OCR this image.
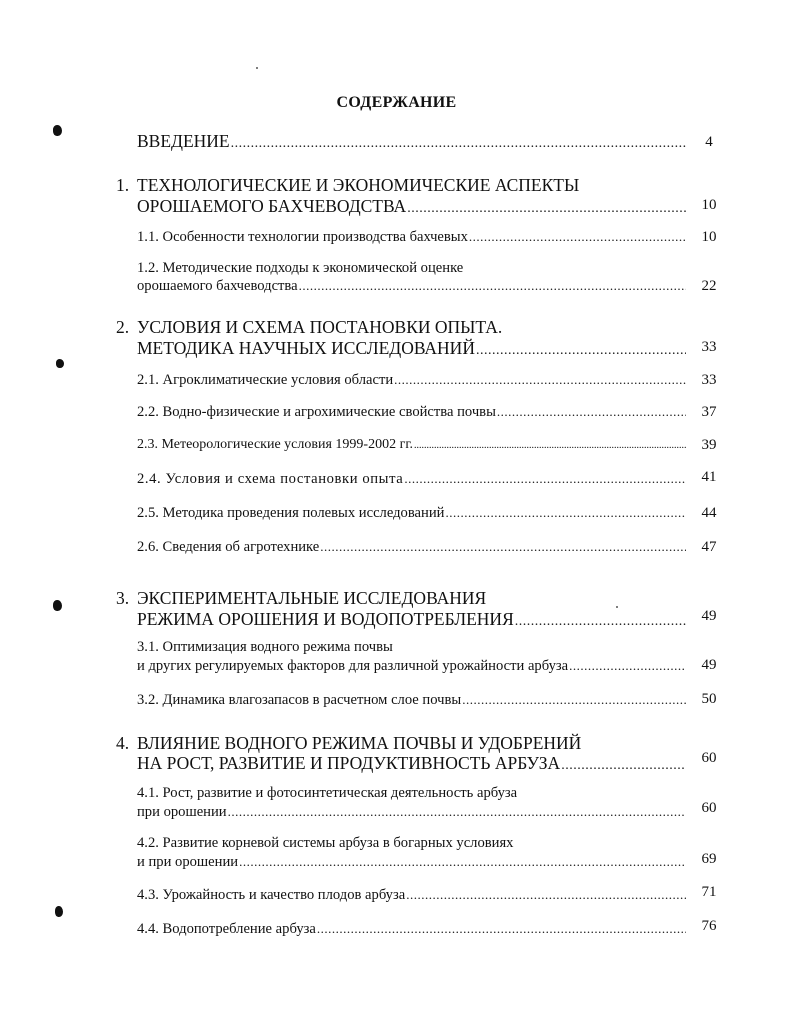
СОДЕРЖАНИЕ
ВВЕДЕНИЕ .....	4
1. ТЕХНОЛОГИЧЕСКИЕ И ЭКОНОМИЧЕСКИЕ АСПЕКТЫ
ОРОШАЕМОГО БАХЧЕВОДСТВА .....	10
1.1. Особенности технологии производства бахчевых .....	10
1.2. Методические подходы к экономической оценке
орошаемого бахчеводства .....	22
2. УСЛОВИЯ И СХЕМА ПОСТАНОВКИ ОПЫТА.
МЕТОДИКА НАУЧНЫХ ИССЛЕДОВАНИЙ .....	33
2.1. Агроклиматические условия области .....	33
2.2. Водно-физические и агрохимические свойства почвы .....	37
2.3. Метеорологические условия 1999-2002 гг. .....	39
2.4. Условия и схема постановки опыта .....	41
2.5. Методика проведения полевых исследований .....	44
2.6. Сведения об агротехнике .....	47
3. ЭКСПЕРИМЕНТАЛЬНЫЕ ИССЛЕДОВАНИЯ
РЕЖИМА ОРОШЕНИЯ И ВОДОПОТРЕБЛЕНИЯ .....	49
3.1. Оптимизация водного режима почвы
и других регулируемых факторов для различной урожайности арбуза .....	49
3.2. Динамика влагозапасов в расчетном слое почвы .....	50
4. ВЛИЯНИЕ ВОДНОГО РЕЖИМА ПОЧВЫ И УДОБРЕНИЙ
НА РОСТ, РАЗВИТИЕ И ПРОДУКТИВНОСТЬ АРБУЗА .....	60
4.1. Рост, развитие и фотосинтетическая деятельность арбуза
при орошении .....	60
4.2. Развитие корневой системы арбуза в богарных условиях
и при орошении .....	69
4.3. Урожайность и качество плодов арбуза .....	71
4.4. Водопотребление арбуза .....	76
